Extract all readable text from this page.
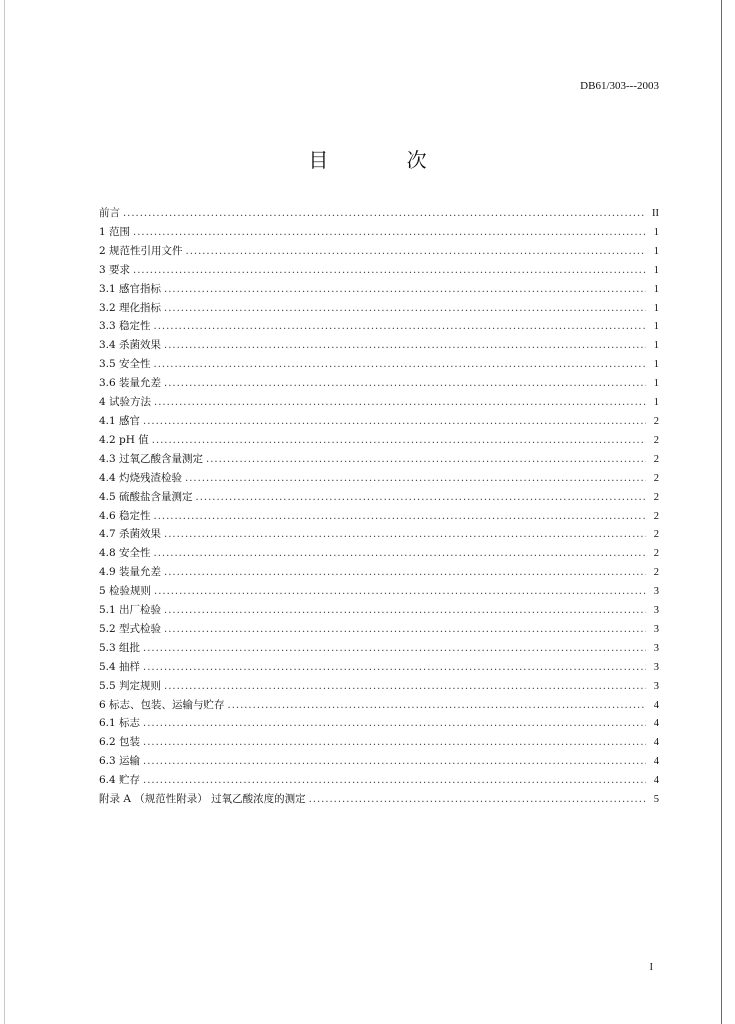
DB61/303---2003
目 次
前言 .....	II
1 范围 .....	1
2 规范性引用文件 .....	1
3 要求 .....	1
3.1 感官指标 .....	1
3.2 理化指标 .....	1
3.3 稳定性 .....	1
3.4 杀菌效果 .....	1
3.5 安全性 .....	1
3.6 装量允差 .....	1
4 试验方法 .....	1
4.1 感官 .....	2
4.2 pH 值 .....	2
4.3 过氧乙酸含量测定 .....	2
4.4 灼烧残渣检验 .....	2
4.5 硫酸盐含量测定 .....	2
4.6 稳定性 .....	2
4.7 杀菌效果 .....	2
4.8 安全性 .....	2
4.9 装量允差 .....	2
5 检验规则 .....	3
5.1 出厂检验 .....	3
5.2 型式检验 .....	3
5.3 组批 .....	3
5.4 抽样 .....	3
5.5 判定规则 .....	3
6 标志、包装、运输与贮存 .....	4
6.1 标志 .....	4
6.2 包装 .....	4
6.3 运输 .....	4
6.4 贮存 .....	4
附录 A （规范性附录） 过氧乙酸浓度的测定 .....	5
I
